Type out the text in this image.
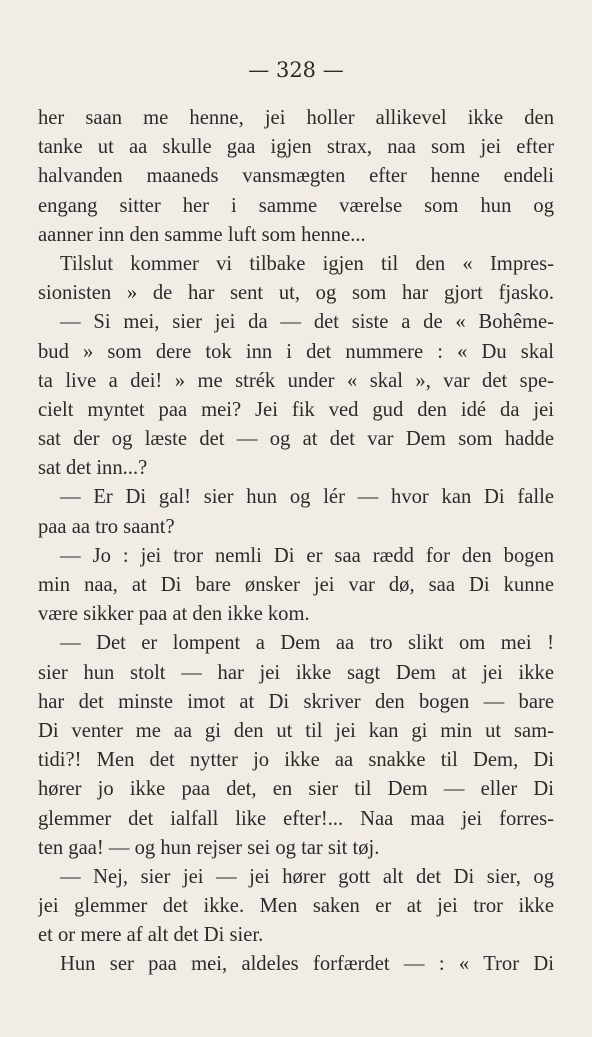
— 328 —
her saan me henne, jei holler allikevel ikke den
tanke ut aa skulle gaa igjen strax, naa som jei efter
halvanden maaneds vansmægten efter henne endeli
engang sitter her i samme værelse som hun og
aanner inn den samme luft som henne...
Tilslut kommer vi tilbake igjen til den « Impres-
sionisten » de har sent ut, og som har gjort fjasko.
— Si mei, sier jei da — det siste a de « Bohême-
bud » som dere tok inn i det nummere : « Du skal
ta live a dei! » me strék under « skal », var det spe-
cielt myntet paa mei? Jei fik ved gud den idé da jei
sat der og læste det — og at det var Dem som hadde
sat det inn...?
— Er Di gal! sier hun og lér — hvor kan Di falle
paa aa tro saant?
— Jo : jei tror nemli Di er saa rædd for den bogen
min naa, at Di bare ønsker jei var dø, saa Di kunne
være sikker paa at den ikke kom.
— Det er lompent a Dem aa tro slikt om mei !
sier hun stolt — har jei ikke sagt Dem at jei ikke
har det minste imot at Di skriver den bogen — bare
Di venter me aa gi den ut til jei kan gi min ut sam-
tidi?! Men det nytter jo ikke aa snakke til Dem, Di
hører jo ikke paa det, en sier til Dem — eller Di
glemmer det ialfall like efter!... Naa maa jei forres-
ten gaa! — og hun rejser sei og tar sit tøj.
— Nej, sier jei — jei hører gott alt det Di sier, og
jei glemmer det ikke. Men saken er at jei tror ikke
et or mere af alt det Di sier.
Hun ser paa mei, aldeles forfærdet — : « Tror Di
